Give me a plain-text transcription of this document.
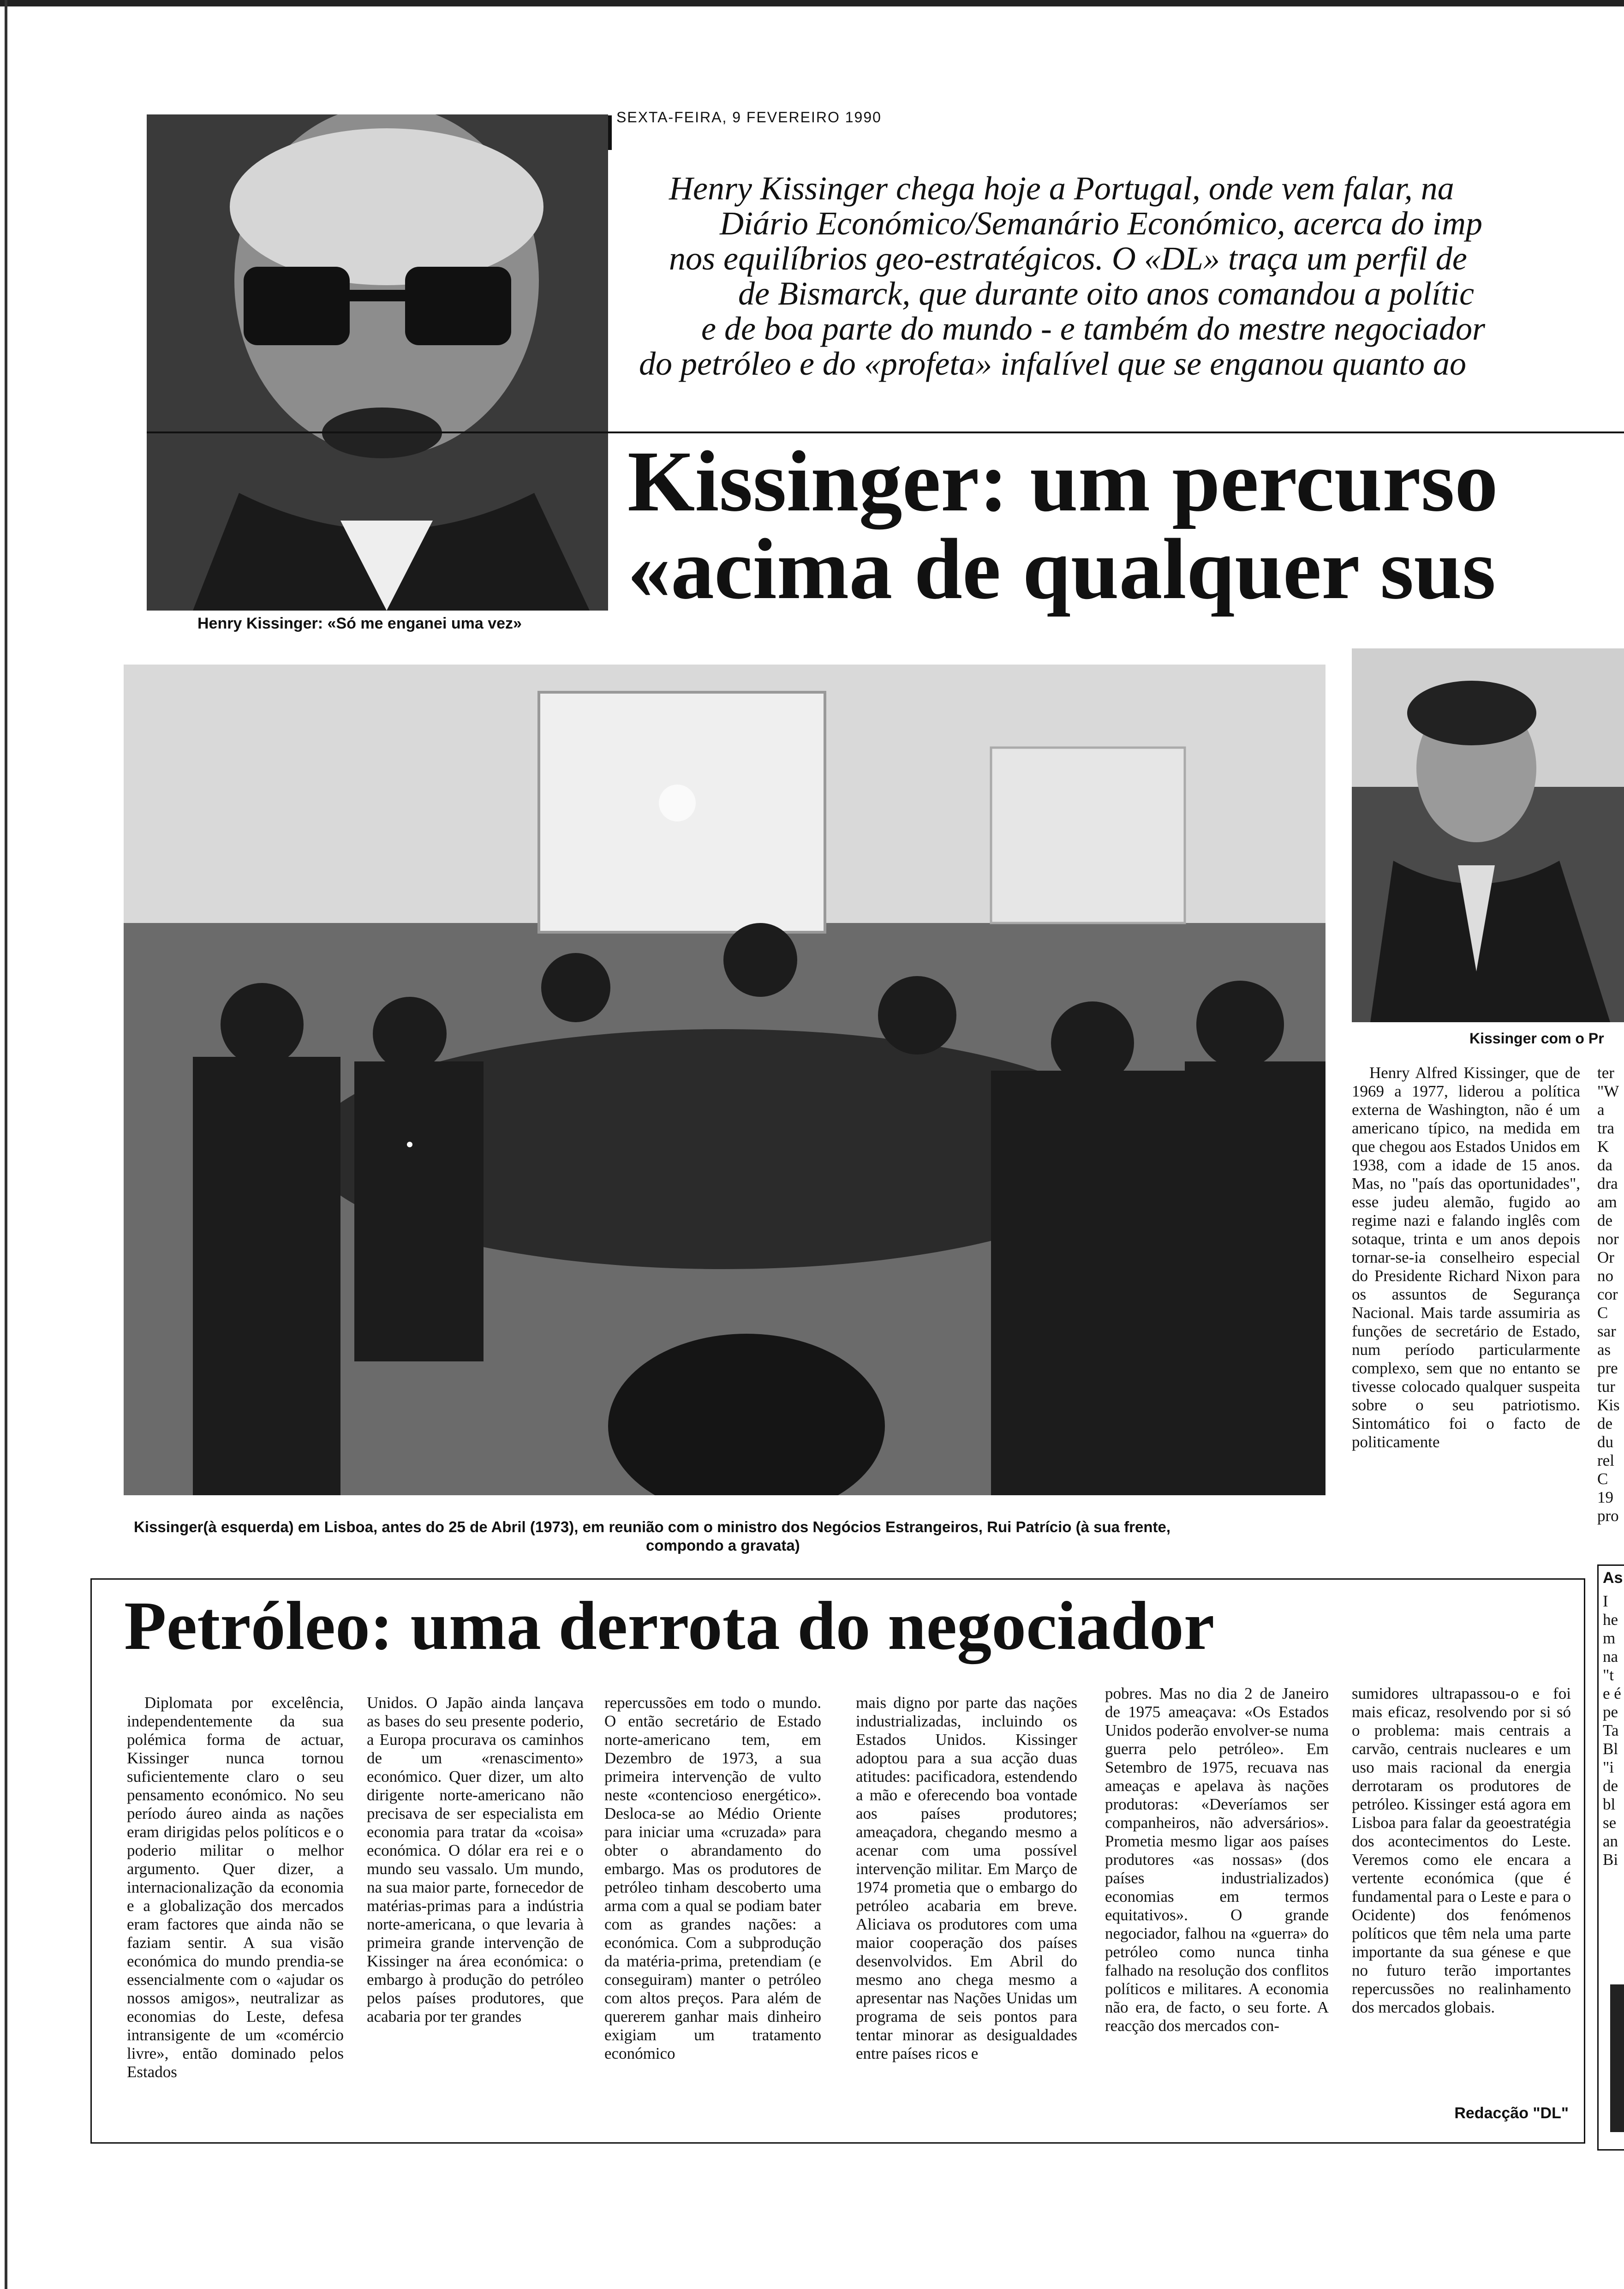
Henry Kissinger: «Só me enganei uma vez»
SEXTA-FEIRA, 9 FEVEREIRO 1990
Henry Kissinger chega hoje a Portugal, onde vem falar, na
Diário Económico/Semanário Económico, acerca do imp
nos equilíbrios geo-estratégicos. O «DL» traça um perfil de
de Bismarck, que durante oito anos comandou a polític
e de boa parte do mundo - e também do mestre negociador
do petróleo e do «profeta» infalível que se enganou quanto ao
Kissinger: um percurso
«acima de qualquer sus
Kissinger(à esquerda) em Lisboa, antes do 25 de Abril (1973), em reunião com o ministro dos Negócios Estrangeiros, Rui Patrício (à sua frente,
compondo a gravata)
Kissinger com o Pr

Henry Alfred Kissinger, que de 1969 a 1977, liderou a política externa de Washington, não é um americano típico, na medida em que chegou aos Estados Unidos em 1938, com a idade de 15 anos. Mas, no "país das oportunidades", esse judeu alemão, fugido ao regime nazi e falando inglês com sotaque, trinta e um anos depois tornar-se-ia conselheiro especial do Presidente Richard Nixon para os assuntos de Segurança Nacional. Mais tarde assumiria as funções de secretário de Estado, num período particularmente complexo, sem que no entanto se tivesse colocado qualquer suspeita sobre o seu patriotismo. Sintomático foi o facto de politicamente

ter
"W
a
tra
K
da
dra
am
de
nor
Or
no
cor
C
sar
as
pre
tur
Kis
de
du
rel
C
19
pro
Petróleo: uma derrota do negociador

Diplomata por excelência, independentemente da sua polémica forma de actuar, Kissinger nunca tornou suficientemente claro o seu pensamento económico. No seu período áureo ainda as nações eram dirigidas pelos políticos e o poderio militar o melhor argumento. Quer dizer, a internacionalização da economia e a globalização dos mercados eram factores que ainda não se faziam sentir. A sua visão económica do mundo prendia-se essencialmente com o «ajudar os nossos amigos», neutralizar as economias do Leste, defesa intransigente de um «comércio livre», então dominado pelos Estados

Unidos. O Japão ainda lançava as bases do seu presente poderio, a Europa procurava os caminhos de um «renascimento» económico. Quer dizer, um alto dirigente norte-americano não precisava de ser especialista em economia para tratar da «coisa» económica. O dólar era rei e o mundo seu vassalo. Um mundo, na sua maior parte, fornecedor de matérias-primas para a indústria norte-americana, o que levaria à primeira grande intervenção de Kissinger na área económica: o embargo à produção do petróleo pelos países produtores, que acabaria por ter grandes

repercussões em todo o mundo. O então secretário de Estado norte-americano tem, em Dezembro de 1973, a sua primeira intervenção de vulto neste «contencioso energético». Desloca-se ao Médio Oriente para iniciar uma «cruzada» para obter o abrandamento do embargo. Mas os produtores de petróleo tinham descoberto uma arma com a qual se podiam bater com as grandes nações: a económica. Com a subprodução da matéria-prima, pretendiam (e conseguiram) manter o petróleo com altos preços. Para além de quererem ganhar mais dinheiro exigiam um tratamento económico

mais digno por parte das nações industrializadas, incluindo os Estados Unidos. Kissinger adoptou para a sua acção duas atitudes: pacificadora, estendendo a mão e oferecendo boa vontade aos países produtores; ameaçadora, chegando mesmo a acenar com uma possível intervenção militar. Em Março de 1974 prometia que o embargo do petróleo acabaria em breve. Aliciava os produtores com uma maior cooperação dos países desenvolvidos. Em Abril do mesmo ano chega mesmo a apresentar nas Nações Unidas um programa de seis pontos para tentar minorar as desigualdades entre países ricos e

pobres. Mas no dia 2 de Janeiro de 1975 ameaçava: «Os Estados Unidos poderão envolver-se numa guerra pelo petróleo». Em Setembro de 1975, recuava nas ameaças e apelava às nações produtoras: «Deveríamos ser companheiros, não adversários». Prometia mesmo ligar aos países produtores «as nossas» (dos países industrializados) economias em termos equitativos». O grande negociador, falhou na «guerra» do petróleo como nunca tinha falhado na resolução dos conflitos políticos e militares. A economia não era, de facto, o seu forte. A reacção dos mercados con-

sumidores ultrapassou-o e foi mais eficaz, resolvendo por si só o problema: mais centrais a carvão, centrais nucleares e um uso mais racional da energia derrotaram os produtores de petróleo. Kissinger está agora em Lisboa para falar da geoestratégia dos acontecimentos do Leste. Veremos como ele encara a vertente económica (que é fundamental para o Leste e para o Ocidente) dos fenómenos políticos que têm nela uma parte importante da sua génese e que no futuro terão importantes repercussões no realinhamento dos mercados globais.

Redacção "DL"
As
I
he
m
na
"t
e é
pe
Ta
Bl
"i
de
bl
se
an
Bi
